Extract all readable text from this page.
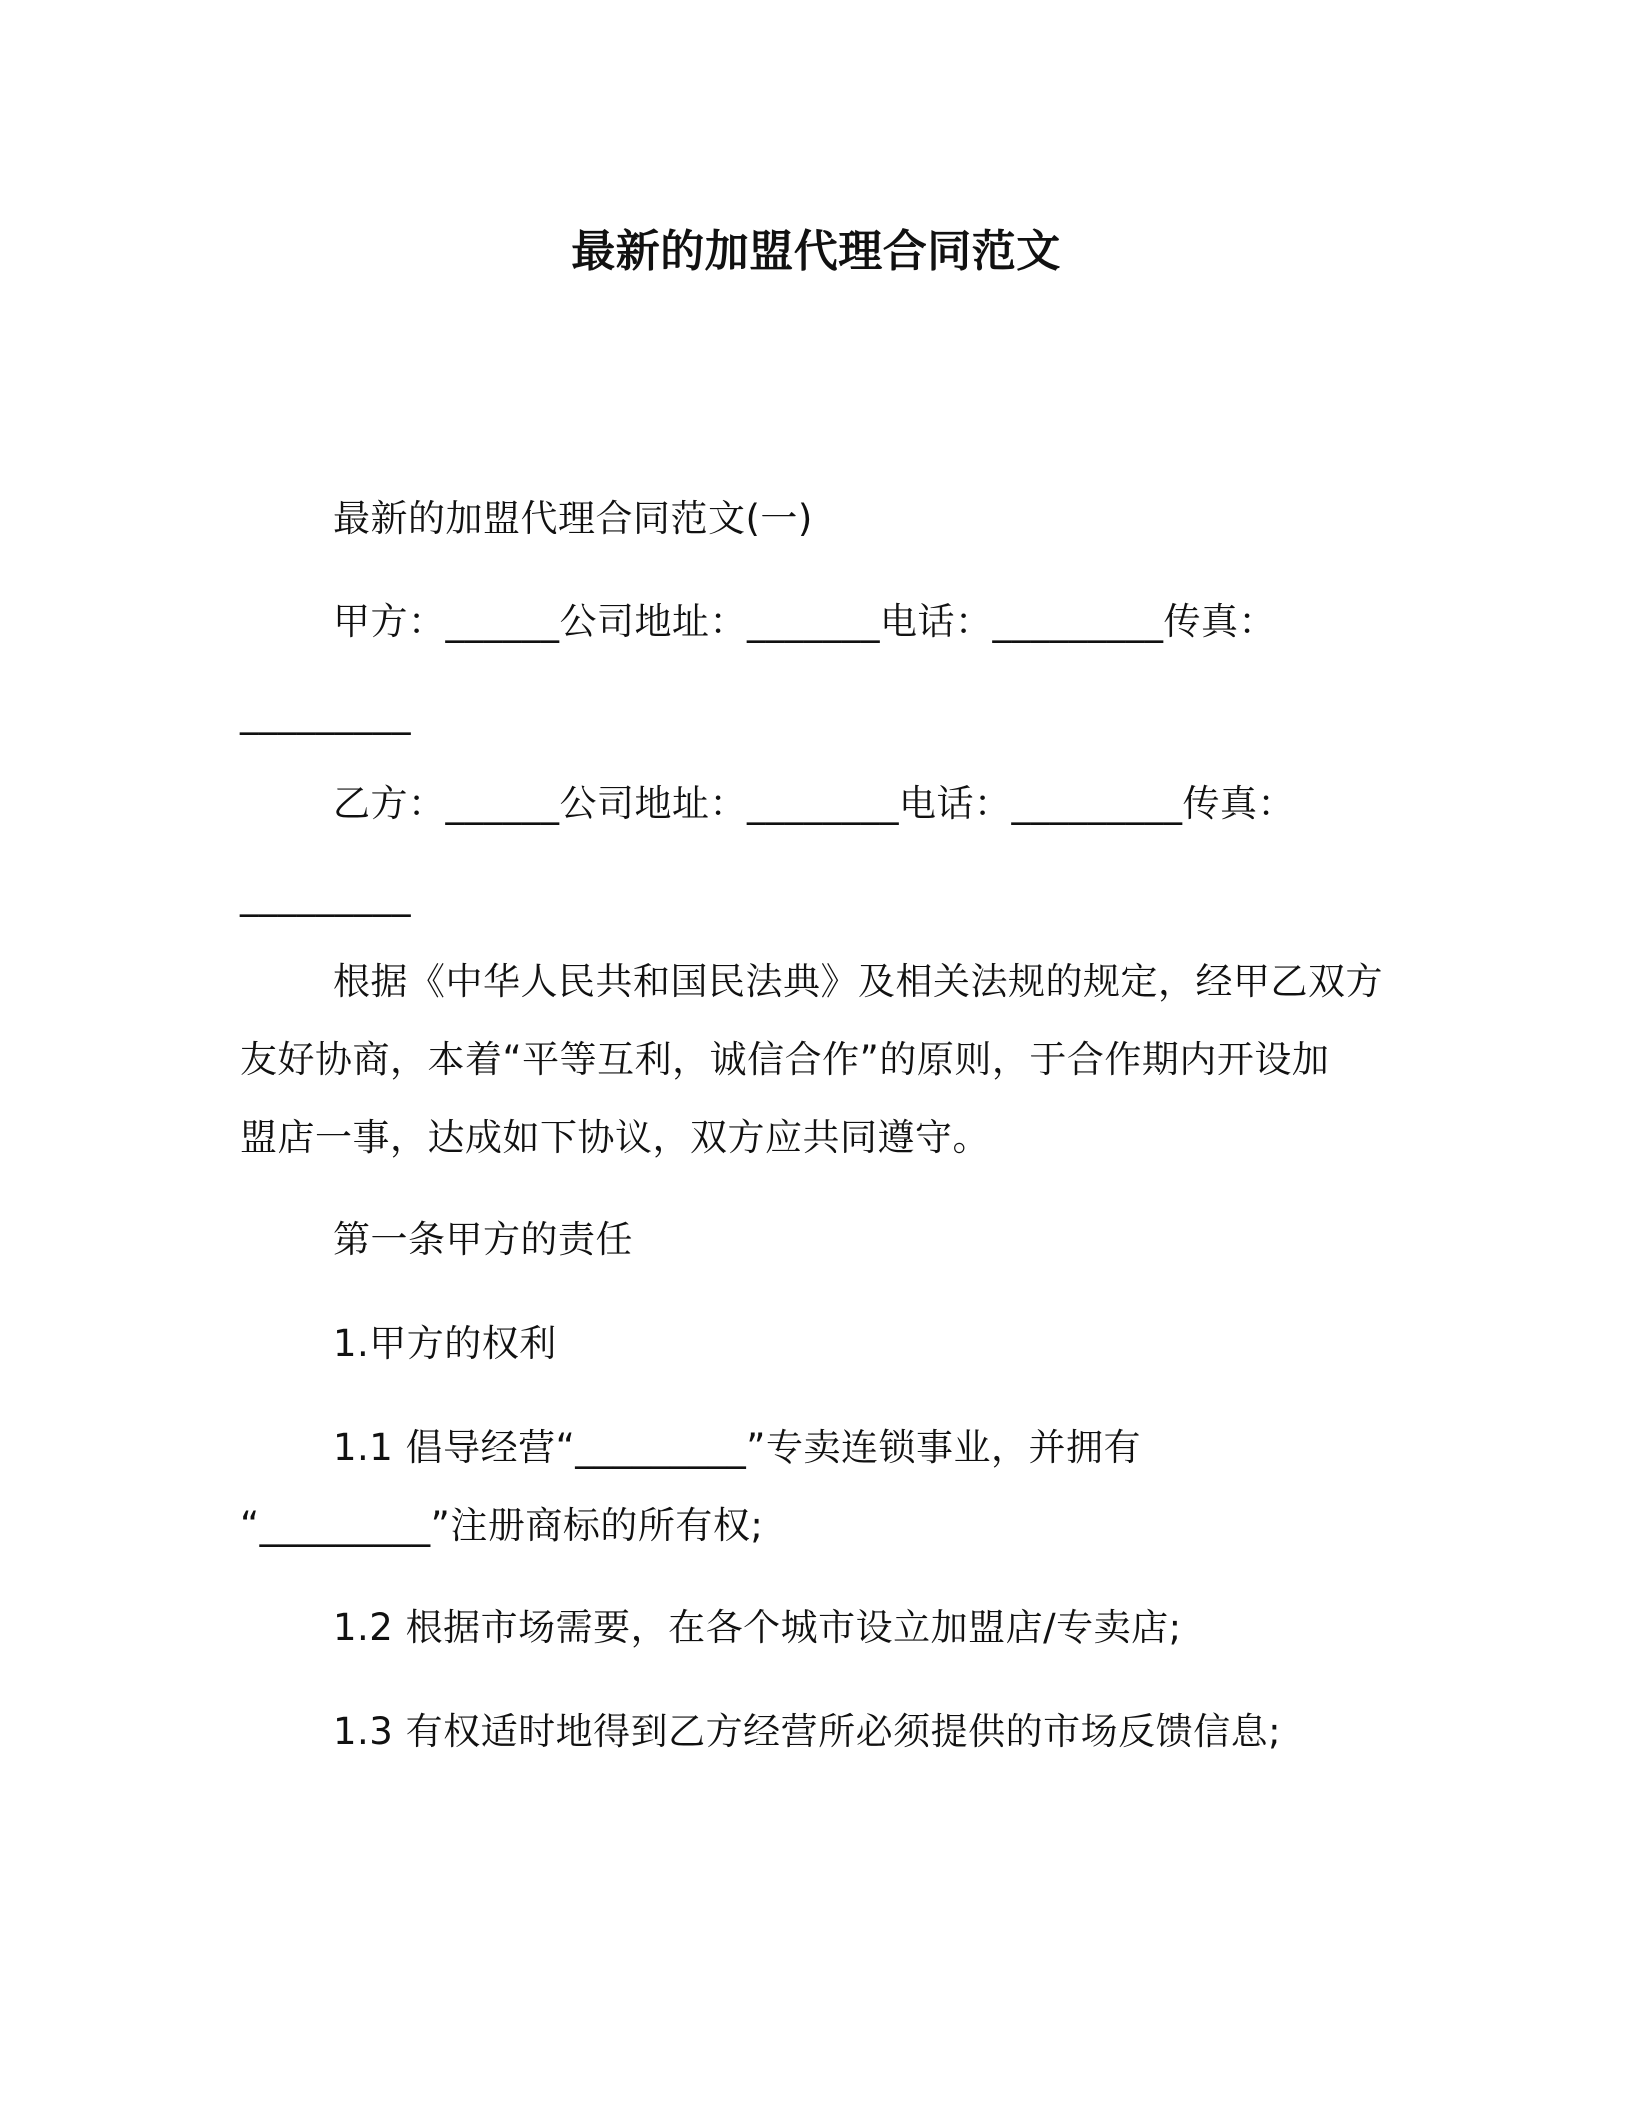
最新的加盟代理合同范文
最新的加盟代理合同范文(一)
甲方：______公司地址：_______电话：_________传真：
_________
乙方：______公司地址：________电话：_________传真：
_________
根据《中华人民共和国民法典》及相关法规的规定，经甲乙双方
友好协商，本着“平等互利，诚信合作”的原则，于合作期内开设加
盟店一事，达成如下协议，双方应共同遵守。
第一条甲方的责任
1.甲方的权利
1.1 倡导经营“_________”专卖连锁事业，并拥有
“_________”注册商标的所有权;
1.2 根据市场需要，在各个城市设立加盟店/专卖店;
1.3 有权适时地得到乙方经营所必须提供的市场反馈信息;
